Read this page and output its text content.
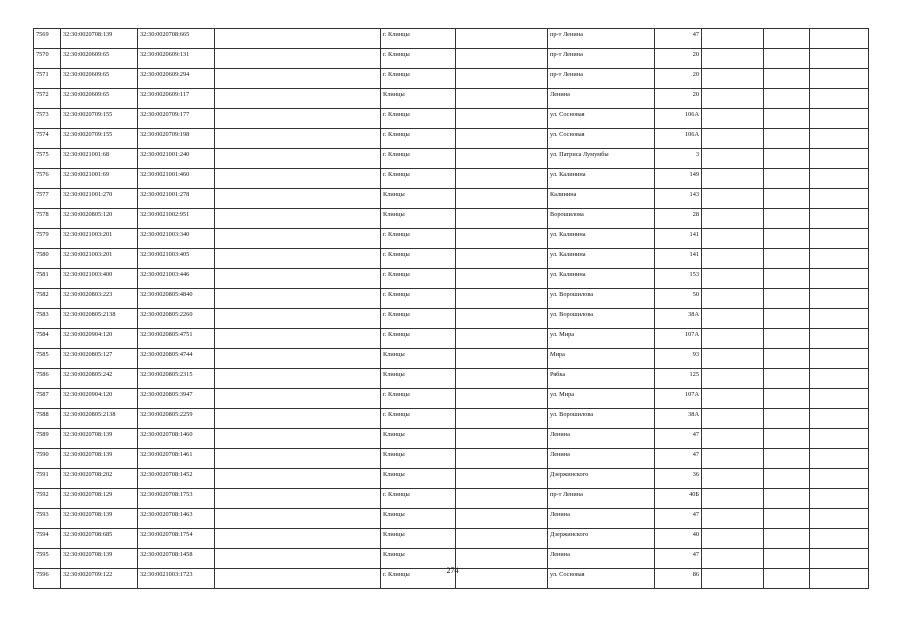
7569	32:30:0020708:139	32:30:0020708:665		г. Клинцы		пр-т Ленина	47			
7570	32:30:0020609:65	32:30:0020609:131		г. Клинцы		пр-т Ленина	20			
7571	32:30:0020609:65	32:30:0020609:294		г. Клинцы		пр-т Ленина	20			
7572	32:30:0020609:65	32:30:0020609:117		Клинцы		Ленина	20			
7573	32:30:0020709:155	32:30:0020709:177		г. Клинцы		ул. Сосновая	106А			
7574	32:30:0020709:155	32:30:0020709:198		г. Клинцы		ул. Сосновая	106А			
7575	32:30:0021001:68	32:30:0021001:240		г. Клинцы		ул. Патриса Лумумбы	3			
7576	32:30:0021001:69	32:30:0021001:460		г. Клинцы		ул. Калинина	149			
7577	32:30:0021001:270	32:30:0021001:278		Клинцы		Калинина	143			
7578	32:30:0020805:120	32:30:0021002:951		Клинцы		Ворошилова	28			
7579	32:30:0021003:201	32:30:0021003:340		г. Клинцы		ул. Калинина	141			
7580	32:30:0021003:201	32:30:0021003:405		г. Клинцы		ул. Калинина	141			
7581	32:30:0021003:400	32:30:0021003:446		г. Клинцы		ул. Калинина	153			
7582	32:30:0020803:223	32:30:0020805:4840		г. Клинцы		ул. Ворошилова	50			
7583	32:30:0020805:2138	32:30:0020805:2260		г. Клинцы		ул. Ворошилова	38А			
7584	32:30:0020904:120	32:30:0020805:4751		г. Клинцы		ул. Мира	107А			
7585	32:30:0020805:127	32:30:0020805:4744		Клинцы		Мира	93			
7586	32:30:0020805:242	32:30:0020805:2315		Клинцы		Рябка	125			
7587	32:30:0020904:120	32:30:0020805:3947		г. Клинцы		ул. Мира	107А			
7588	32:30:0020805:2138	32:30:0020805:2259		г. Клинцы		ул. Ворошилова	38А			
7589	32:30:0020708:139	32:30:0020708:1460		Клинцы		Ленина	47			
7590	32:30:0020708:139	32:30:0020708:1461		Клинцы		Ленина	47			
7591	32:30:0020708:202	32:30:0020708:1452		Клинцы		Дзержинского	36			
7592	32:30:0020708:129	32:30:0020708:1753		г. Клинцы		пр-т Ленина	40Б			
7593	32:30:0020708:139	32:30:0020708:1463		Клинцы		Ленина	47			
7594	32:30:0020708:685	32:30:0020708:1754		Клинцы		Дзержинского	40			
7595	32:30:0020708:139	32:30:0020708:1458		Клинцы		Ленина	47			
7596	32:30:0020709:122	32:30:0021003:1723		г. Клинцы		ул. Сосновая	86			
274
